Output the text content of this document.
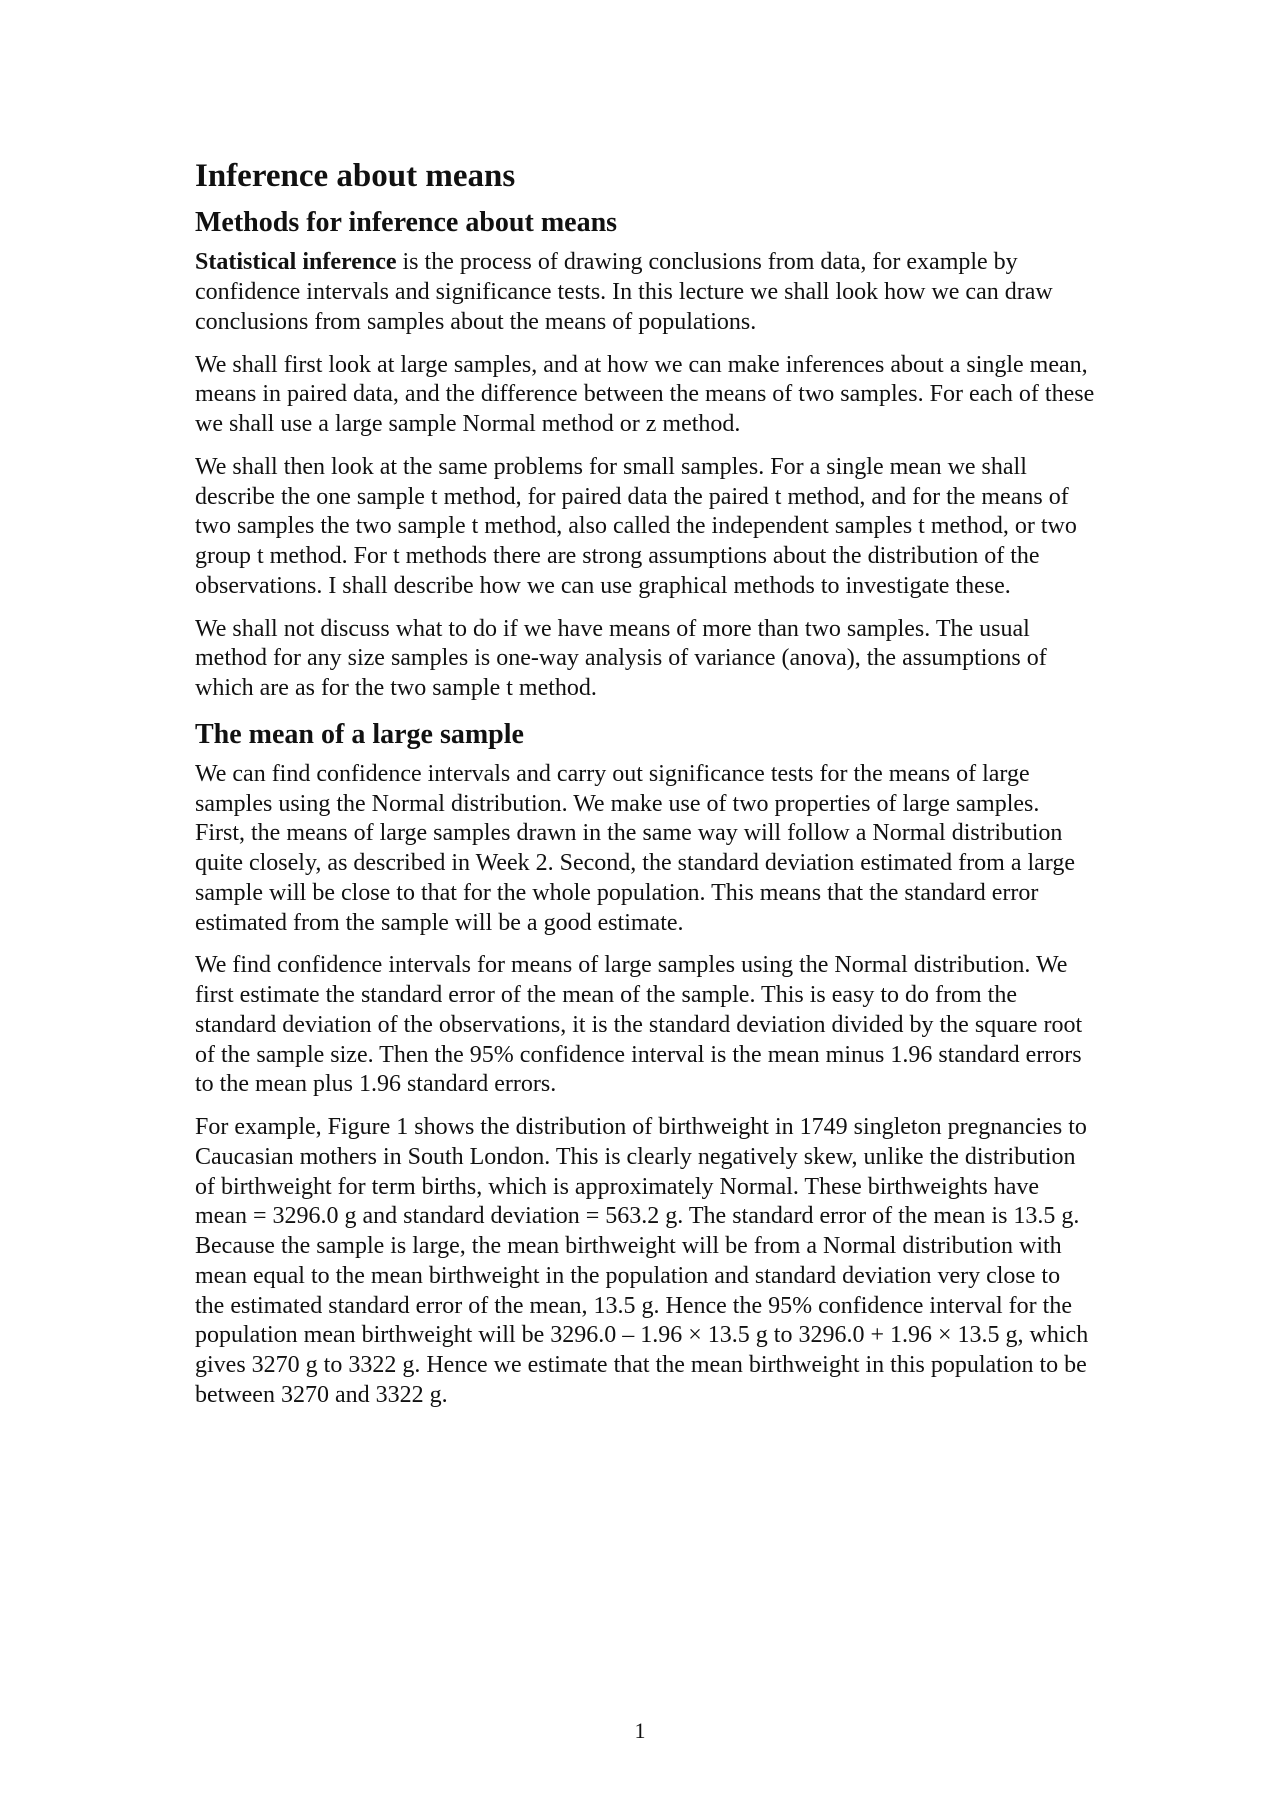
Inference about means
Methods for inference about means

Statistical inference is the process of drawing conclusions from data, for example by confidence intervals and significance tests. In this lecture we shall look how we can draw conclusions from samples about the means of populations.

We shall first look at large samples, and at how we can make inferences about a single mean, means in paired data, and the difference between the means of two samples. For each of these we shall use a large sample Normal method or z method.

We shall then look at the same problems for small samples. For a single mean we shall describe the one sample t method, for paired data the paired t method, and for the means of two samples the two sample t method, also called the independent samples t method, or two group t method. For t methods there are strong assumptions about the distribution of the observations. I shall describe how we can use graphical methods to investigate these.

We shall not discuss what to do if we have means of more than two samples. The usual method for any size samples is one-way analysis of variance (anova), the assumptions of which are as for the two sample t method.

The mean of a large sample

We can find confidence intervals and carry out significance tests for the means of large samples using the Normal distribution. We make use of two properties of large samples. First, the means of large samples drawn in the same way will follow a Normal distribution quite closely, as described in Week 2. Second, the standard deviation estimated from a large sample will be close to that for the whole population. This means that the standard error estimated from the sample will be a good estimate.

We find confidence intervals for means of large samples using the Normal distribution. We first estimate the standard error of the mean of the sample. This is easy to do from the standard deviation of the observations, it is the standard deviation divided by the square root of the sample size. Then the 95% confidence interval is the mean minus 1.96 standard errors to the mean plus 1.96 standard errors.

For example, Figure 1 shows the distribution of birthweight in 1749 singleton pregnancies to Caucasian mothers in South London. This is clearly negatively skew, unlike the distribution of birthweight for term births, which is approximately Normal. These birthweights have mean = 3296.0 g and standard deviation = 563.2 g. The standard error of the mean is 13.5 g. Because the sample is large, the mean birthweight will be from a Normal distribution with mean equal to the mean birthweight in the population and standard deviation very close to the estimated standard error of the mean, 13.5 g. Hence the 95% confidence interval for the population mean birthweight will be 3296.0 – 1.96 × 13.5 g to 3296.0 + 1.96 × 13.5 g, which gives 3270 g to 3322 g. Hence we estimate that the mean birthweight in this population to be between 3270 and 3322 g.

1
